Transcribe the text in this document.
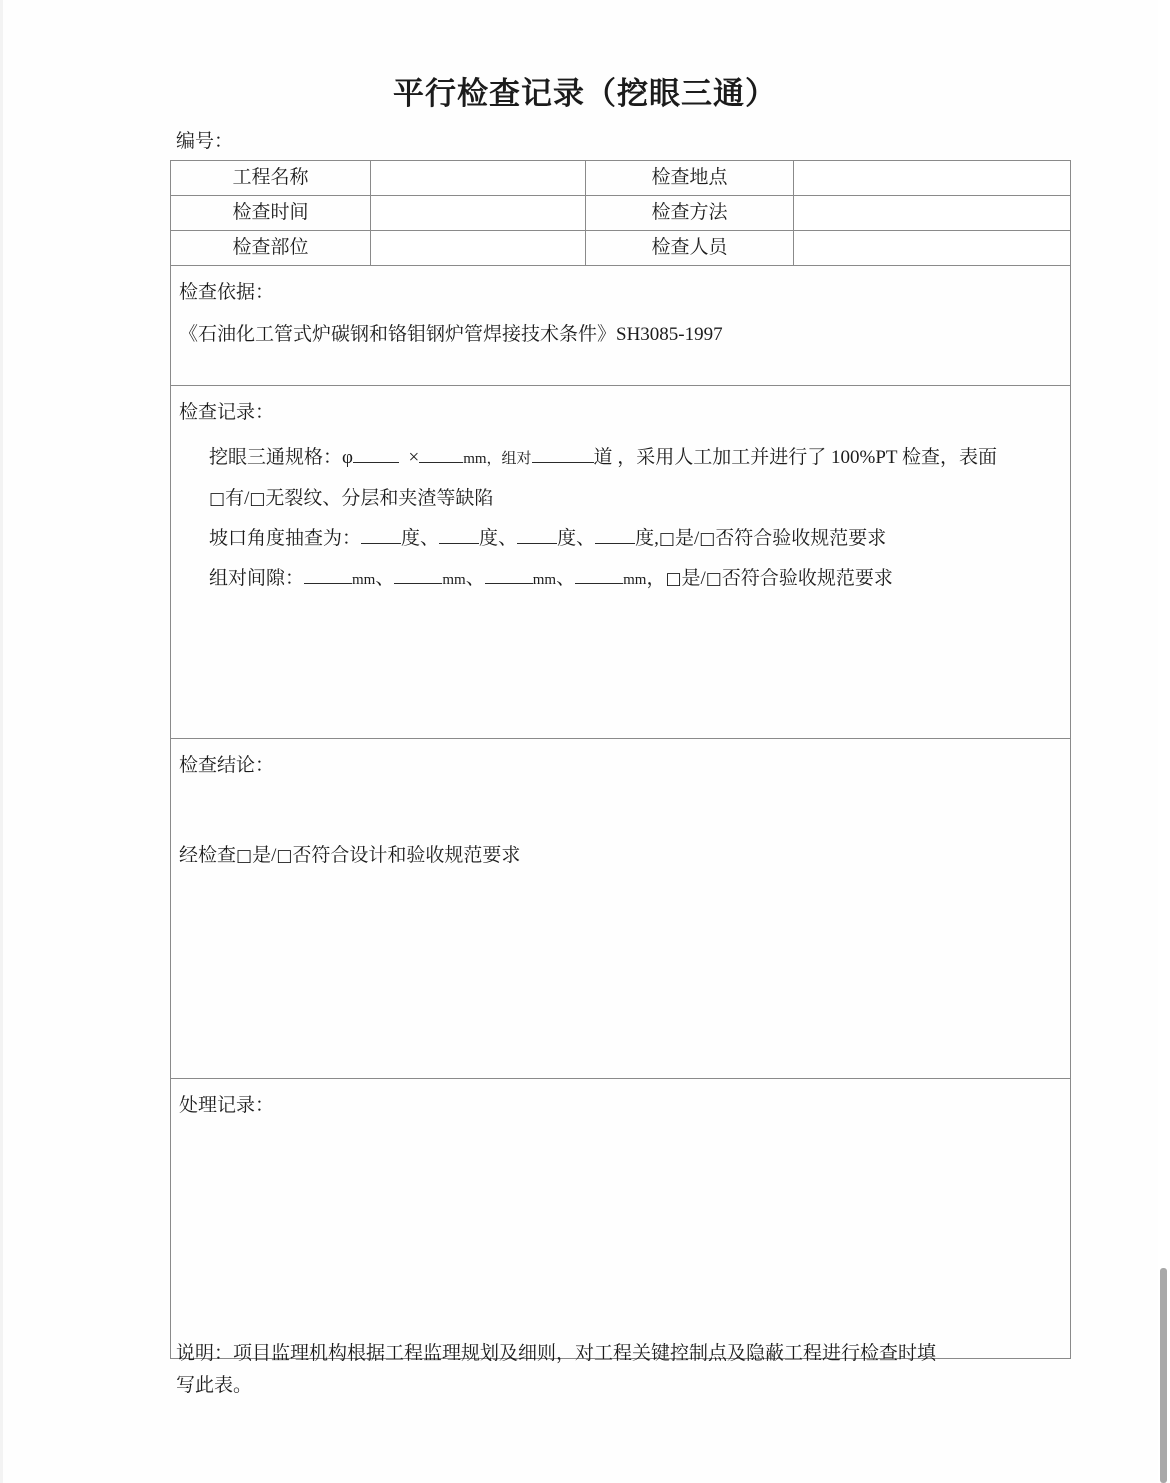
平行检查记录（挖眼三通）
编号：
工程名称		检查地点	
检查时间		检查方法	
检查部位		检查人员	

检查依据：
《石油化工管式炉碳钢和铬钼钢炉管焊接技术条件》SH3085-1997			

检查记录：
挖眼三通规格：φ × mm，组对 道 ，采用人工加工并进行了 100%PT 检查，表面
□有/□无裂纹、分层和夹渣等缺陷
坡口角度抽查为： 度、 度、 度、 度,□是/□否符合验收规范要求
组对间隙： mm、 mm、 mm、 mm，□是/□否符合验收规范要求			

检查结论：
经检查□是/□否符合设计和验收规范要求			

处理记录：			
说明：项目监理机构根据工程监理规划及细则，对工程关键控制点及隐蔽工程进行检查时填
写此表。
